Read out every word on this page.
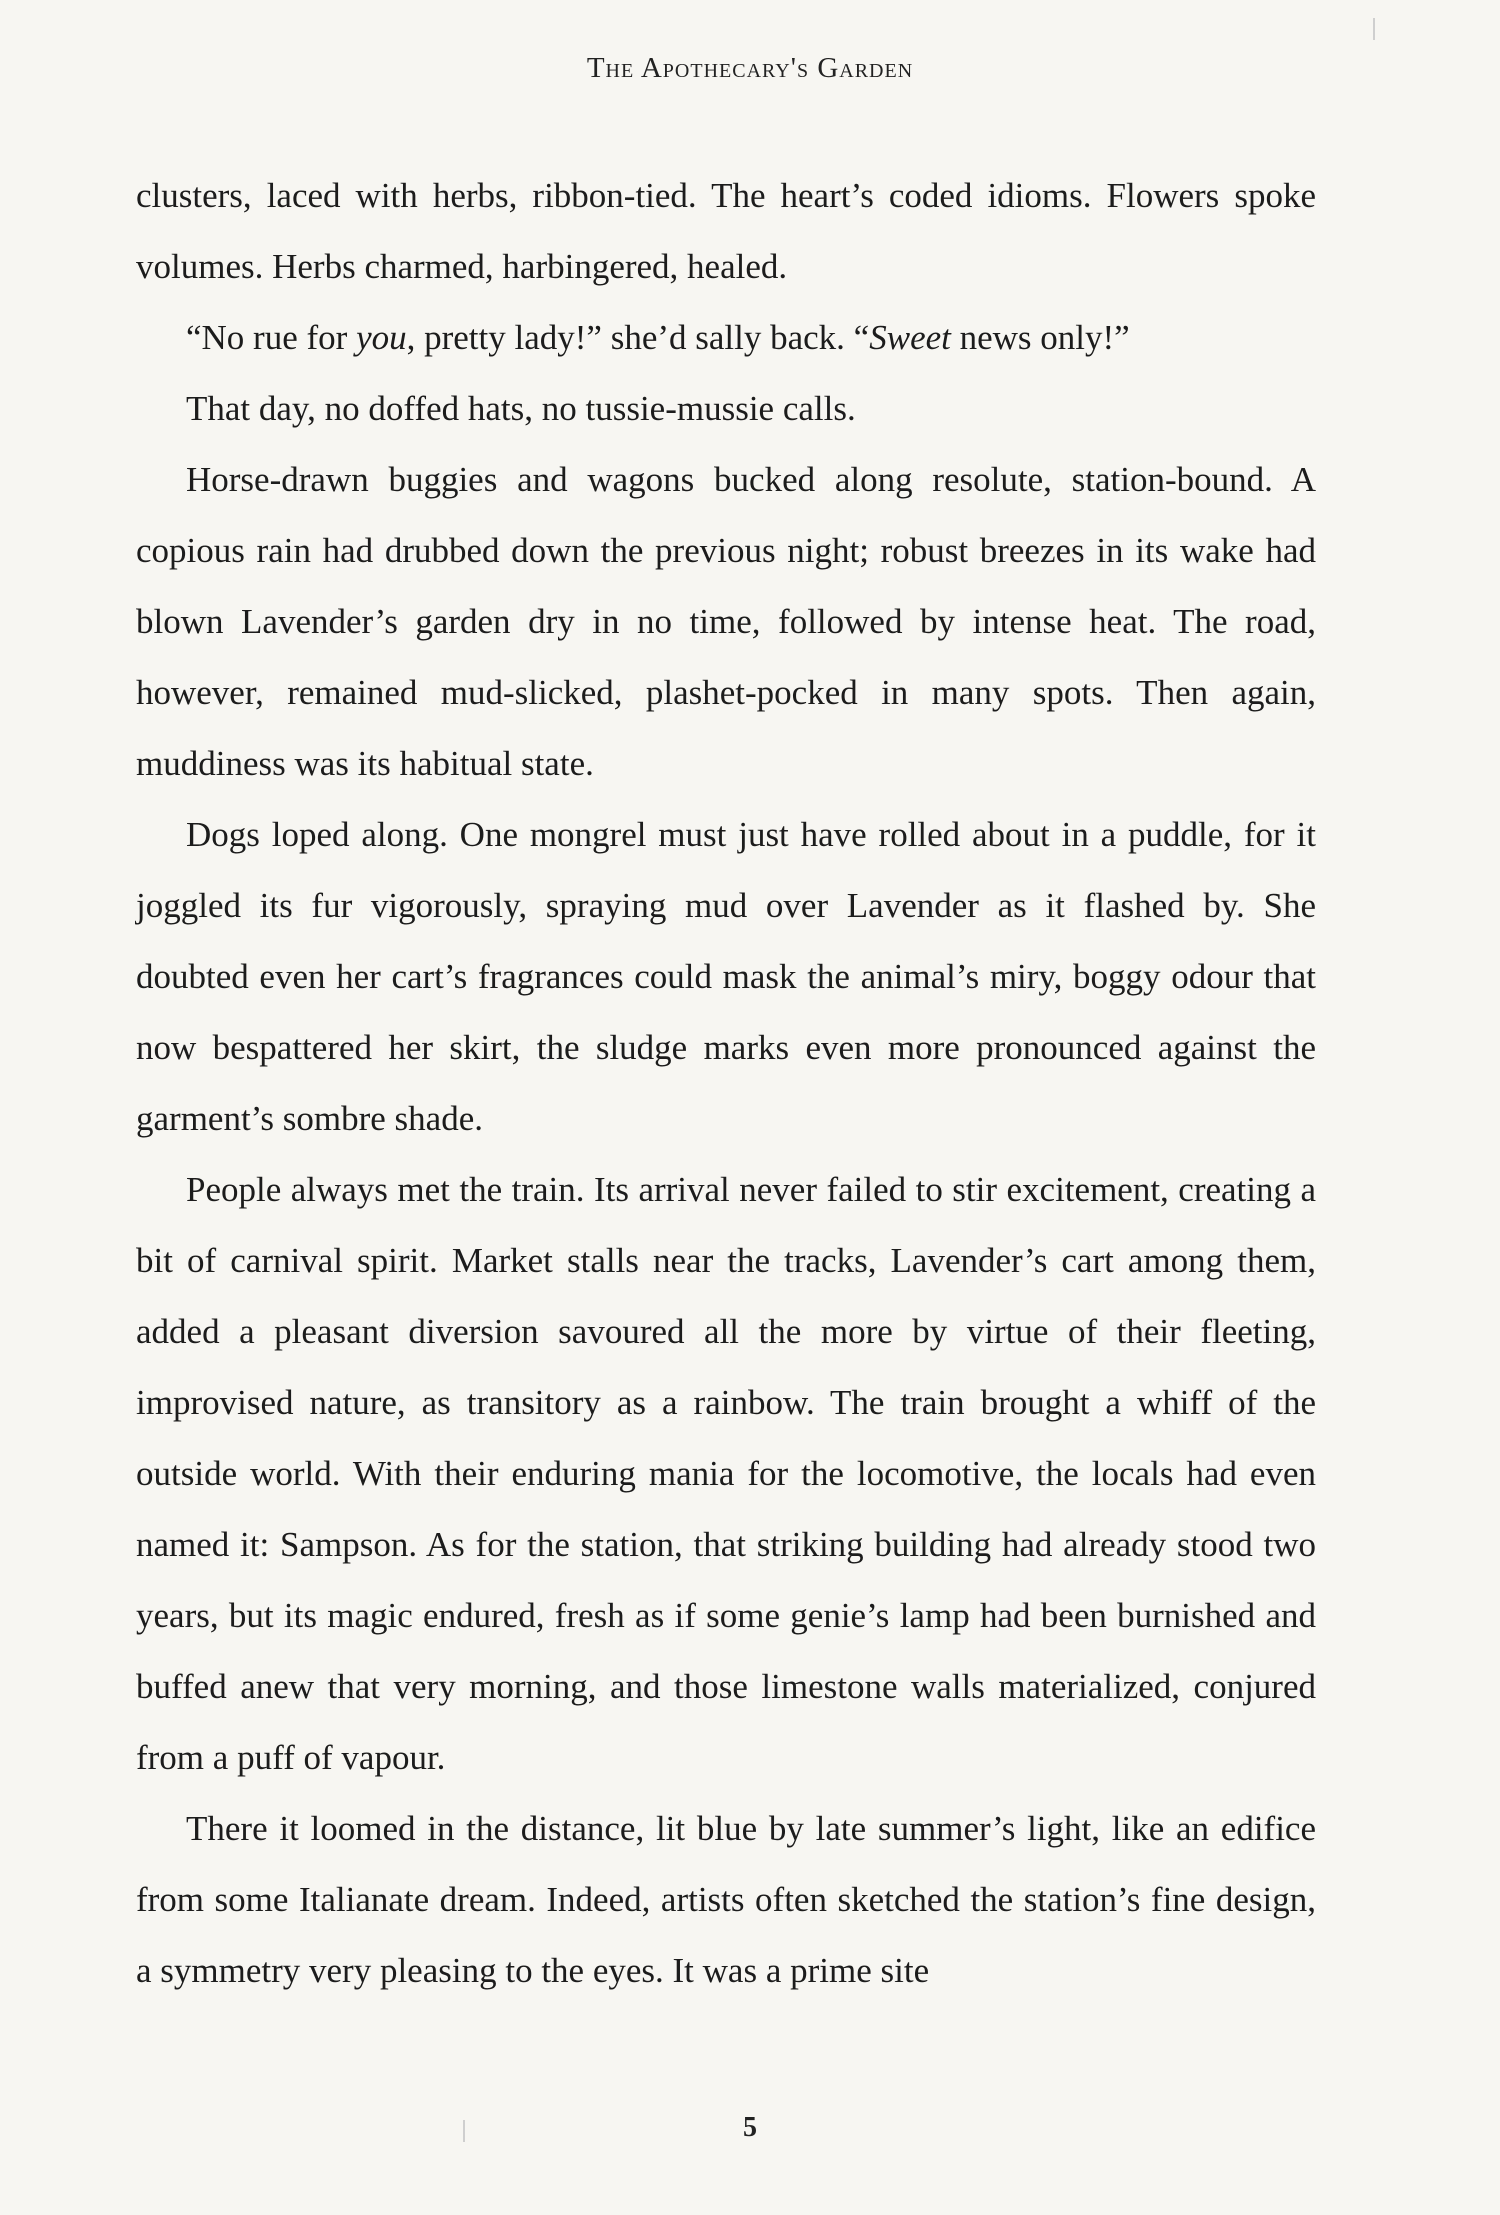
The Apothecary's Garden

clusters, laced with herbs, ribbon-tied. The heart’s coded idioms. Flowers spoke volumes. Herbs charmed, harbingered, healed.

“No rue for you, pretty lady!” she’d sally back. “Sweet news only!”

That day, no doffed hats, no tussie-mussie calls.

Horse-drawn buggies and wagons bucked along resolute, station-bound. A copious rain had drubbed down the previous night; robust breezes in its wake had blown Lavender’s garden dry in no time, followed by intense heat. The road, however, remained mud-slicked, plashet-pocked in many spots. Then again, muddiness was its habitual state.

Dogs loped along. One mongrel must just have rolled about in a puddle, for it joggled its fur vigorously, spraying mud over Lavender as it flashed by. She doubted even her cart’s fragrances could mask the animal’s miry, boggy odour that now bespattered her skirt, the sludge marks even more pronounced against the garment’s sombre shade.

People always met the train. Its arrival never failed to stir excitement, creating a bit of carnival spirit. Market stalls near the tracks, Lavender’s cart among them, added a pleasant diversion savoured all the more by virtue of their fleeting, improvised nature, as transitory as a rainbow. The train brought a whiff of the outside world. With their enduring mania for the locomotive, the locals had even named it: Sampson. As for the station, that striking building had already stood two years, but its magic endured, fresh as if some genie’s lamp had been burnished and buffed anew that very morning, and those limestone walls materialized, conjured from a puff of vapour.

There it loomed in the distance, lit blue by late summer’s light, like an edifice from some Italianate dream. Indeed, artists often sketched the station’s fine design, a symmetry very pleasing to the eyes. It was a prime site

5
